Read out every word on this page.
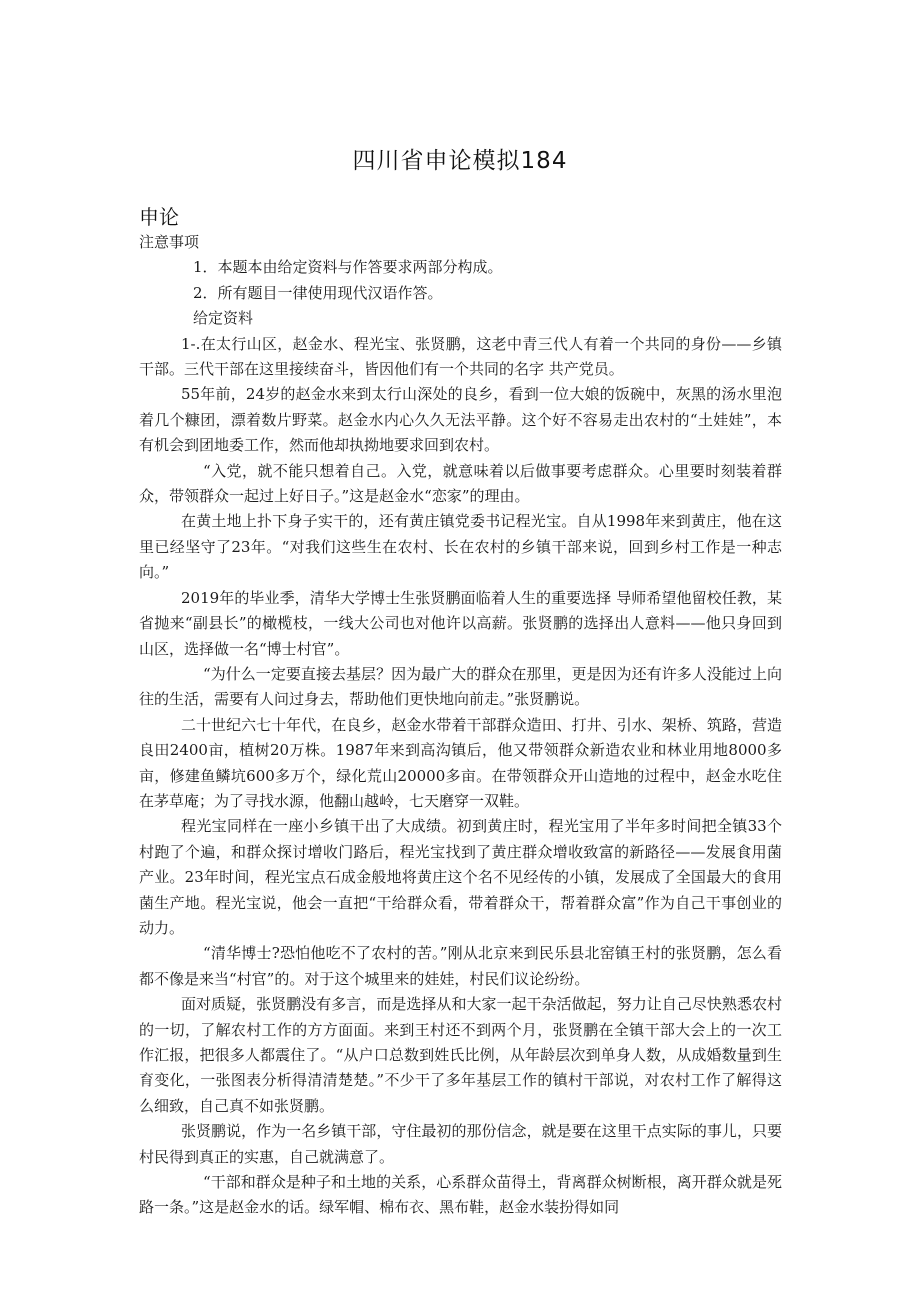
四川省申论模拟184
申论

注意事项

1．本题本由给定资料与作答要求两部分构成。

2．所有题目一律使用现代汉语作答。

给定资料

1-.在太行山区，赵金水、程光宝、张贤鹏，这老中青三代人有着一个共同的身份——乡镇干部。三代干部在这里接续奋斗，皆因他们有一个共同的名字 共产党员。

55年前，24岁的赵金水来到太行山深处的良乡，看到一位大娘的饭碗中，灰黑的汤水里泡着几个糠团，漂着数片野菜。赵金水内心久久无法平静。这个好不容易走出农村的“土娃娃”，本有机会到团地委工作，然而他却执拗地要求回到农村。

“入党，就不能只想着自己。入党，就意味着以后做事要考虑群众。心里要时刻装着群众，带领群众一起过上好日子。”这是赵金水“恋家”的理由。

在黄土地上扑下身子实干的，还有黄庄镇党委书记程光宝。自从1998年来到黄庄，他在这里已经坚守了23年。“对我们这些生在农村、长在农村的乡镇干部来说，回到乡村工作是一种志向。”

2019年的毕业季，清华大学博士生张贤鹏面临着人生的重要选择 导师希望他留校任教，某省抛来“副县长”的橄榄枝，一线大公司也对他许以高薪。张贤鹏的选择出人意料——他只身回到山区，选择做一名“博士村官”。

“为什么一定要直接去基层？因为最广大的群众在那里，更是因为还有许多人没能过上向往的生活，需要有人问过身去，帮助他们更快地向前走。”张贤鹏说。

二十世纪六七十年代，在良乡，赵金水带着干部群众造田、打井、引水、架桥、筑路，营造良田2400亩，植树20万株。1987年来到高沟镇后，他又带领群众新造农业和林业用地8000多亩，修建鱼鳞坑600多万个，绿化荒山20000多亩。在带领群众开山造地的过程中，赵金水吃住在茅草庵；为了寻找水源，他翻山越岭，七天磨穿一双鞋。

程光宝同样在一座小乡镇干出了大成绩。初到黄庄时，程光宝用了半年多时间把全镇33个村跑了个遍，和群众探讨增收门路后，程光宝找到了黄庄群众增收致富的新路径——发展食用菌产业。23年时间，程光宝点石成金般地将黄庄这个名不见经传的小镇，发展成了全国最大的食用菌生产地。程光宝说，他会一直把“干给群众看，带着群众干，帮着群众富”作为自己干事创业的动力。

“清华博士?恐怕他吃不了农村的苦。”刚从北京来到民乐县北窑镇王村的张贤鹏，怎么看都不像是来当“村官”的。对于这个城里来的娃娃，村民们议论纷纷。

面对质疑，张贤鹏没有多言，而是选择从和大家一起干杂活做起，努力让自己尽快熟悉农村的一切，了解农村工作的方方面面。来到王村还不到两个月，张贤鹏在全镇干部大会上的一次工作汇报，把很多人都震住了。“从户口总数到姓氏比例，从年龄层次到单身人数，从成婚数量到生育变化，一张图表分析得清清楚楚。”不少干了多年基层工作的镇村干部说，对农村工作了解得这么细致，自己真不如张贤鹏。

张贤鹏说，作为一名乡镇干部，守住最初的那份信念，就是要在这里干点实际的事儿，只要村民得到真正的实惠，自己就满意了。

“干部和群众是种子和土地的关系，心系群众苗得土，背离群众树断根，离开群众就是死路一条。”这是赵金水的话。绿军帽、棉布衣、黑布鞋，赵金水装扮得如同
